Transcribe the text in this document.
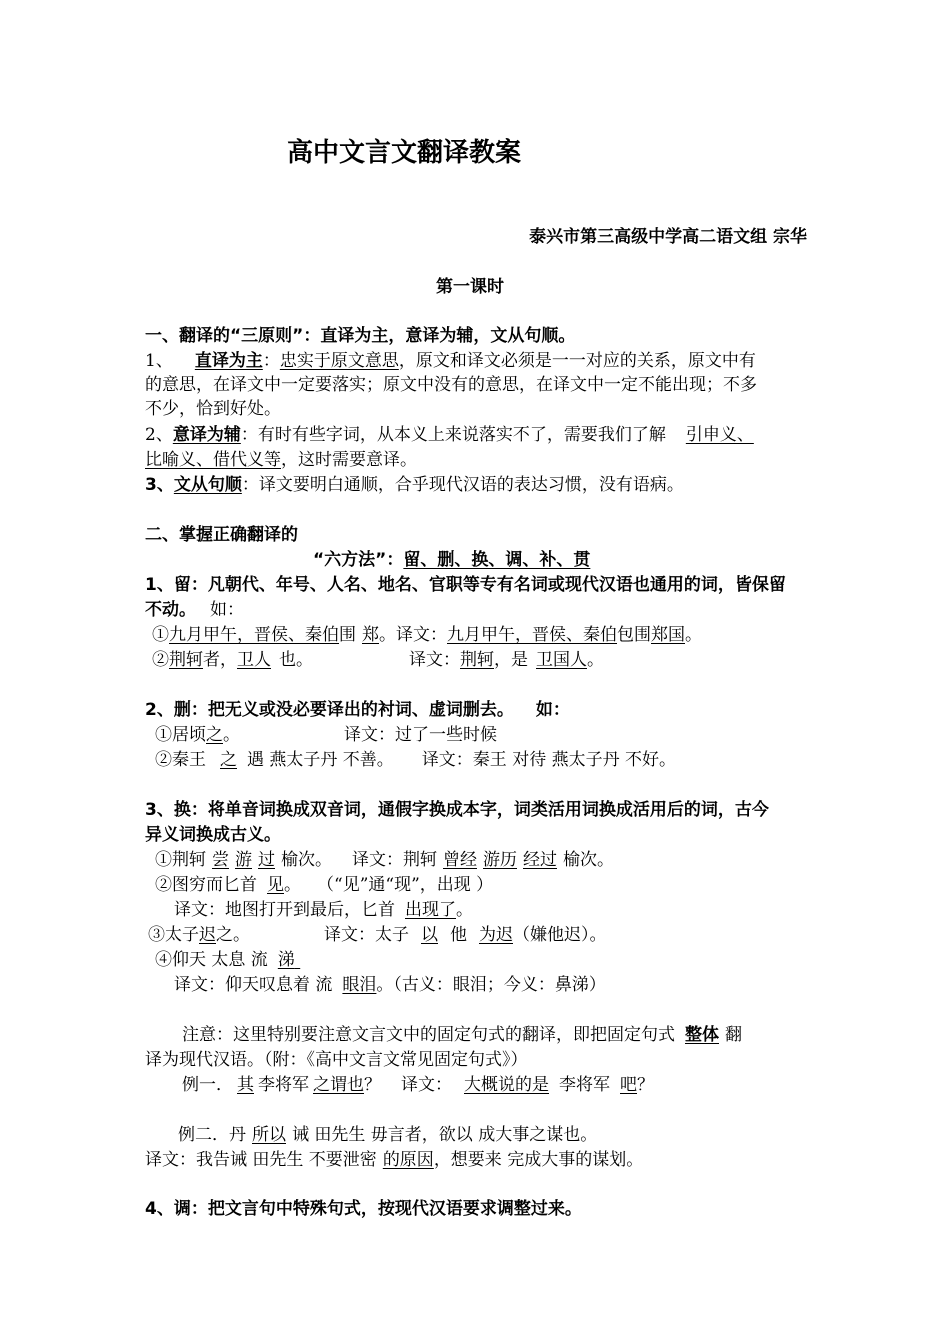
高中文言文翻译教案
泰兴市第三高级中学高二语文组 宗华
第一课时
一、翻译的“三原则”：直译为主，意译为辅，文从句顺。
1、 直译为主：忠实于原文意思，原文和译文必须是一一对应的关系，原文中有
的意思，在译文中一定要落实；原文中没有的意思，在译文中一定不能出现；不多
不少，恰到好处。
2、意译为辅：有时有些字词，从本义上来说落实不了，需要我们了解 引申义、
比喻义、借代义等，这时需要意译。
3、文从句顺：译文要明白通顺，合乎现代汉语的表达习惯，没有语病。
二、掌握正确翻译的
“六方法”：留、删、换、调、补、贯
1、留：凡朝代、年号、人名、地名、官职等专有名词或现代汉语也通用的词，皆保留
不动。 如：
①九月甲午，晋侯、秦伯围 郑。译文：九月甲午，晋侯、秦伯包围郑国。
②荆轲者，卫人 也。	译文：荆轲，是 卫国人。
2、删：把无义或没必要译出的衬词、虚词删去。 如：
①居顷之。	译文：过了一些时候
②秦王 之 遇 燕太子丹 不善。 译文：秦王 对待 燕太子丹 不好。
3、换：将单音词换成双音词，通假字换成本字，词类活用词换成活用后的词，古今
异义词换成古义。
①荆轲 尝 游 过 榆次。 译文：荆轲 曾经 游历 经过 榆次。
②图穷而匕首 见。 （“见”通“现”，出现 ）
译文：地图打开到最后，匕首 出现了。
③太子迟之。	译文：太子 以 他 为迟（嫌他迟）。
④仰天 太息 流 涕
译文：仰天叹息着 流 眼泪。（古义：眼泪；今义：鼻涕）
注意：这里特别要注意文言文中的固定句式的翻译，即把固定句式 整体 翻
译为现代汉语。（附：《高中文言文常见固定句式》）
例一． 其 李将军 之谓也？ 译文： 大概说的是 李将军 吧？
例二．丹 所以 诫 田先生 毋言者，欲以 成大事之谋也。
译文：我告诫 田先生 不要泄密 的原因，想要来 完成大事的谋划。
4、调：把文言句中特殊句式，按现代汉语要求调整过来。
